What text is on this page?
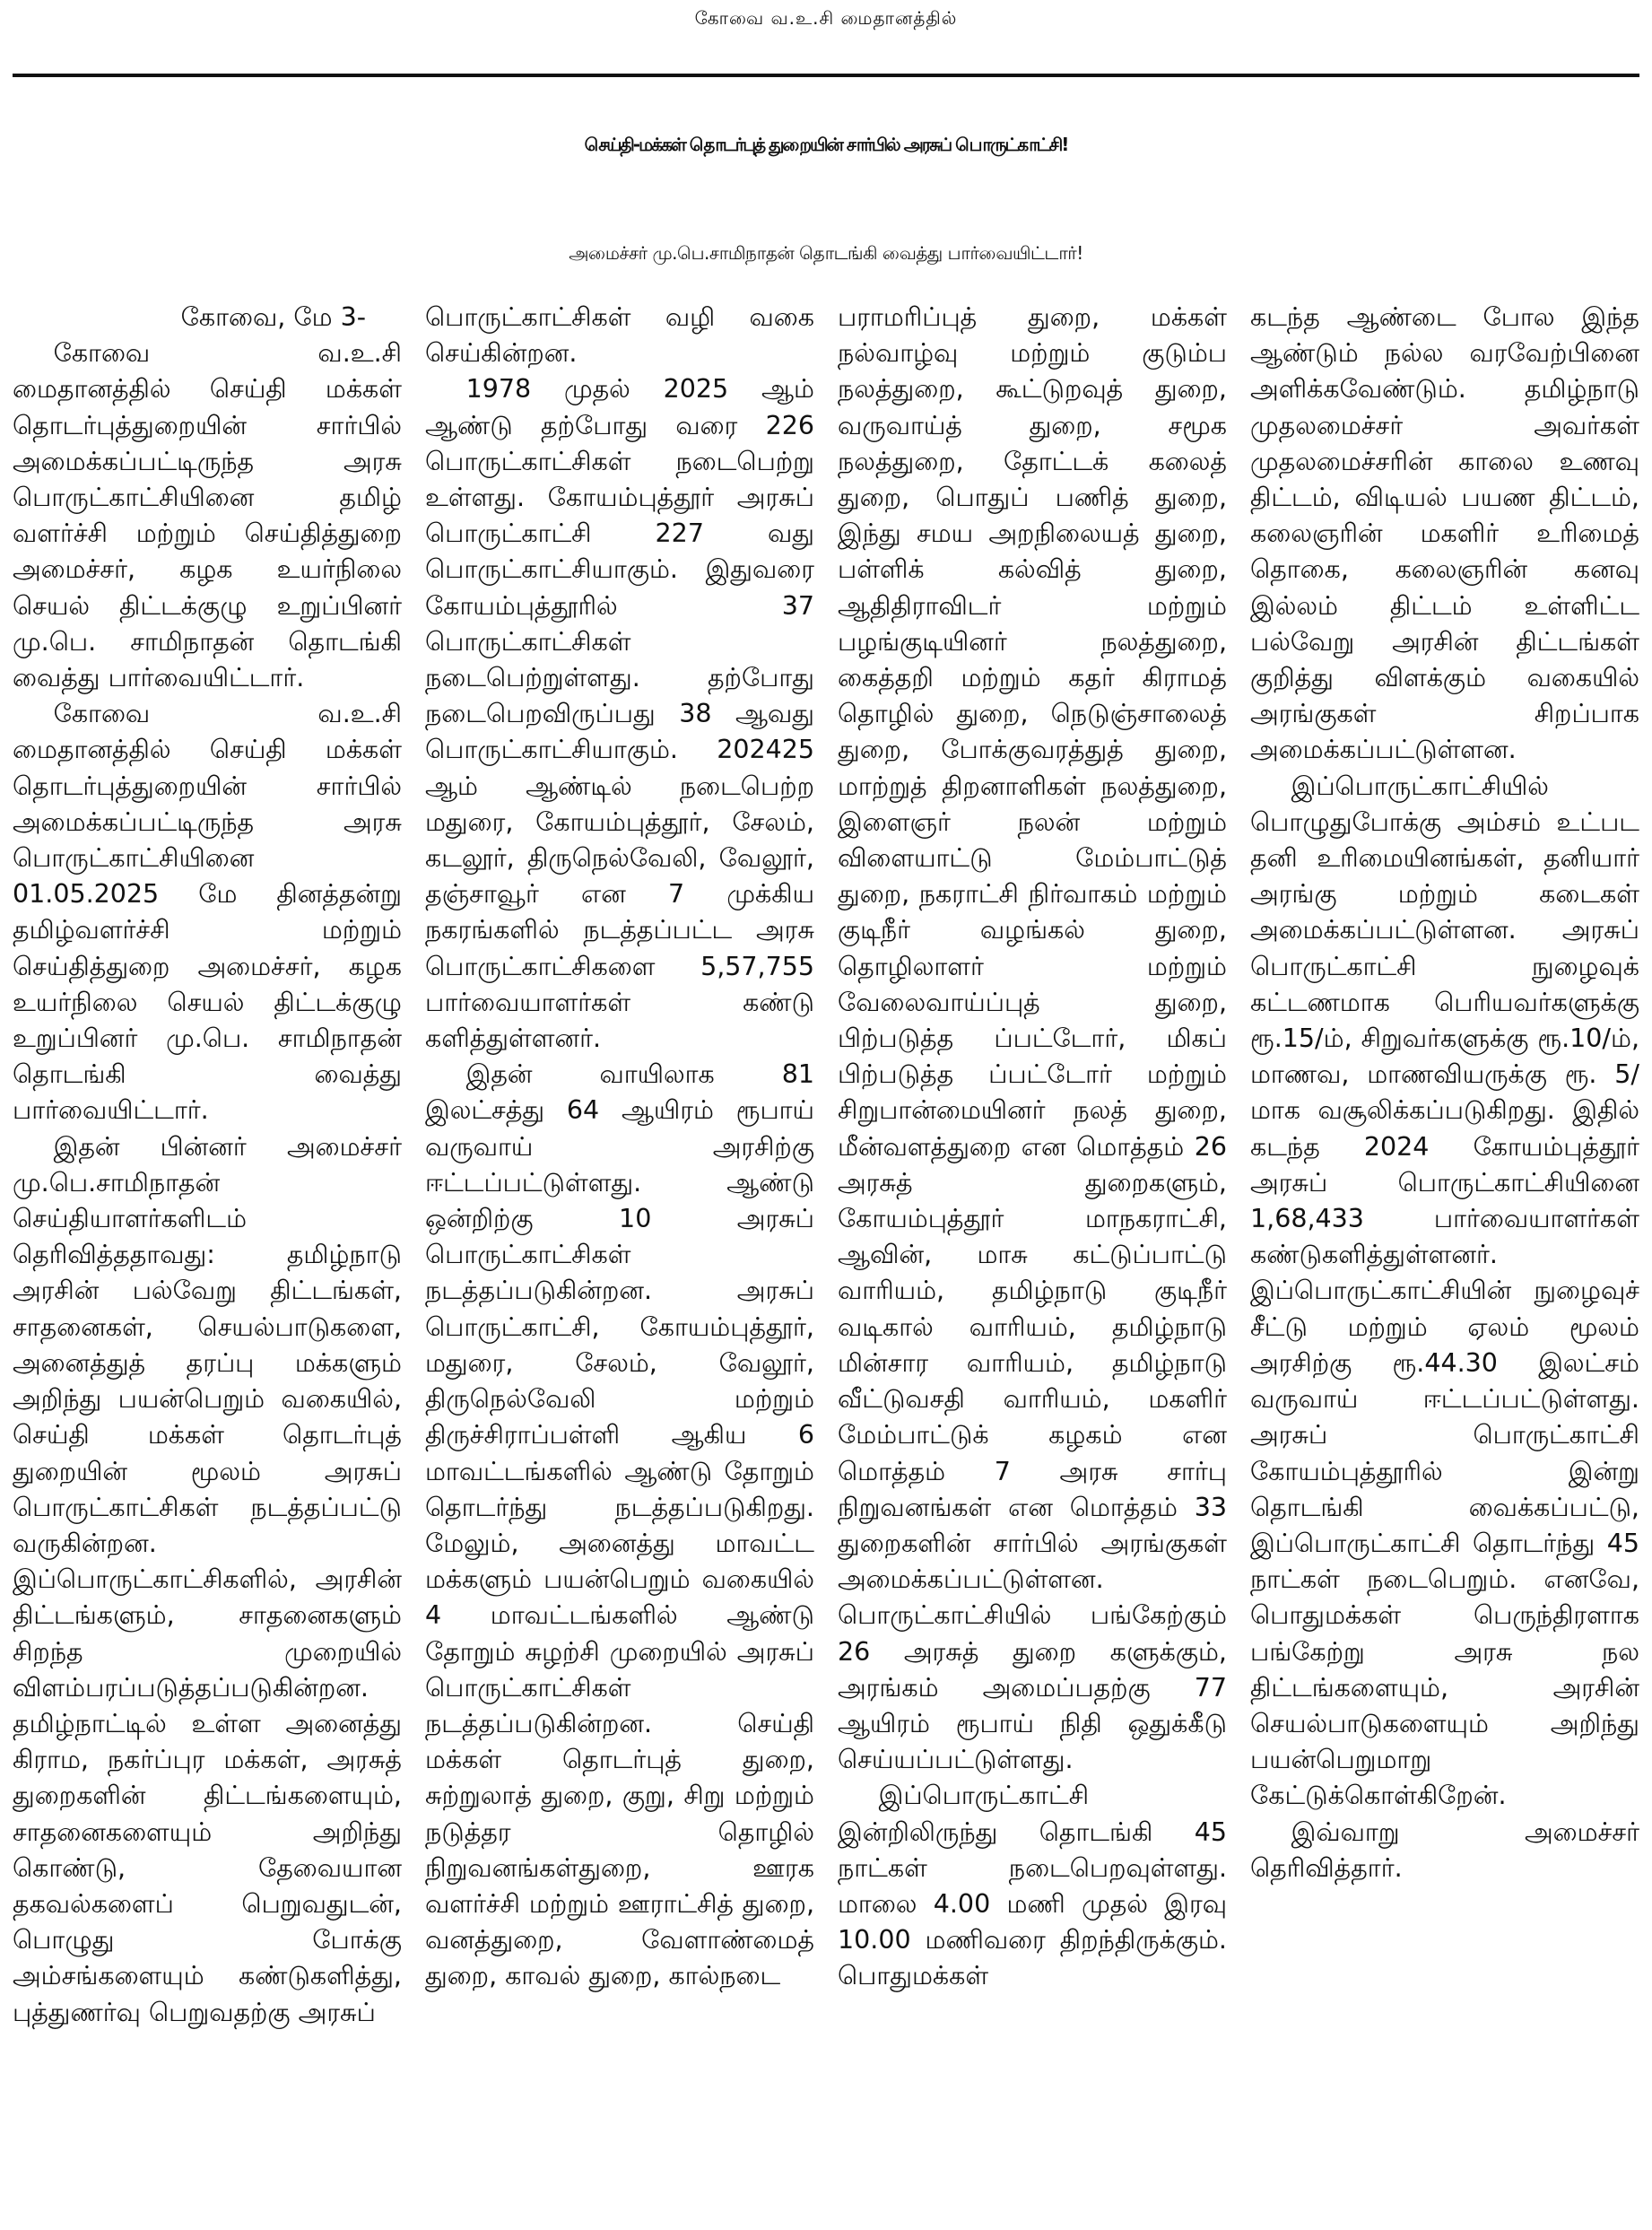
கோவை வ.உ.சி மைதானத்தில்
செய்தி-மக்கள் தொடர்புத் துறையின் சார்பில் அரசுப் பொருட்காட்சி!
அமைச்சர் மு.பெ.சாமிநாதன் தொடங்கி வைத்து பார்வையிட்டார்!
கோவை, மே 3-

கோவை வ.உ.சி மைதானத்தில் செய்தி மக்கள் தொடர்புத்துறையின் சார்பில் அமைக்கப்பட்டிருந்த அரசு பொருட்காட்சியினை தமிழ் வளர்ச்சி மற்றும் செய்தித்துறை அமைச்சர், கழக உயர்நிலை செயல் திட்டக்குழு உறுப்பினர் மு.பெ. சாமிநாதன் தொடங்கி வைத்து பார்வையிட்டார்.

கோவை வ.உ.சி மைதானத்தில் செய்தி மக்கள் தொடர்புத்துறையின் சார்பில் அமைக்கப்பட்டிருந்த அரசு பொருட்காட்சியினை 01.05.2025 மே தினத்தன்று தமிழ்வளர்ச்சி மற்றும் செய்தித்துறை அமைச்சர், கழக உயர்நிலை செயல் திட்டக்குழு உறுப்பினர் மு.பெ. சாமிநாதன் தொடங்கி வைத்து பார்வையிட்டார்.

இதன் பின்னர் அமைச்சர் மு.பெ.சாமிநாதன் செய்தியாளர்களிடம் தெரிவித்ததாவது: தமிழ்நாடு அரசின் பல்வேறு திட்டங்கள், சாதனைகள், செயல்பாடுகளை, அனைத்துத் தரப்பு மக்களும் அறிந்து பயன்பெறும் வகையில், செய்தி மக்கள் தொடர்புத் துறையின் மூலம் அரசுப் பொருட்காட்சிகள் நடத்தப்பட்டு வருகின்றன. இப்பொருட்காட்சிகளில், அரசின் திட்டங்களும், சாதனைகளும் சிறந்த முறையில் விளம்பரப்படுத்தப்படுகின்றன. தமிழ்நாட்டில் உள்ள அனைத்து கிராம, நகர்ப்புர மக்கள், அரசுத் துறைகளின் திட்டங்களையும், சாதனைகளையும் அறிந்து கொண்டு, தேவையான தகவல்களைப் பெறுவதுடன், பொழுது போக்கு அம்சங்களையும் கண்டுகளித்து, புத்துணர்வு பெறுவதற்கு அரசுப்

பொருட்காட்சிகள் வழி வகை செய்கின்றன.

1978 முதல் 2025 ஆம் ஆண்டு தற்போது வரை 226 பொருட்காட்சிகள் நடைபெற்று உள்ளது. கோயம்புத்தூர் அரசுப் பொருட்காட்சி 227 வது பொருட்காட்சியாகும். இதுவரை கோயம்புத்தூரில் 37 பொருட்காட்சிகள் நடைபெற்றுள்ளது. தற்போது நடைபெறவிருப்பது 38 ஆவது பொருட்காட்சியாகும். 202425 ஆம் ஆண்டில் நடைபெற்ற மதுரை, கோயம்புத்தூர், சேலம், கடலூர், திருநெல்வேலி, வேலூர், தஞ்சாவூர் என 7 முக்கிய நகரங்களில் நடத்தப்பட்ட அரசு பொருட்காட்சிகளை 5,57,755 பார்வையாளர்கள் கண்டு களித்துள்ளனர்.

இதன் வாயிலாக 81 இலட்சத்து 64 ஆயிரம் ரூபாய் வருவாய் அரசிற்கு ஈட்டப்பட்டுள்ளது. ஆண்டு ஒன்றிற்கு 10 அரசுப் பொருட்காட்சிகள் நடத்தப்படுகின்றன. அரசுப் பொருட்காட்சி, கோயம்புத்தூர், மதுரை, சேலம், வேலூர், திருநெல்வேலி மற்றும் திருச்சிராப்பள்ளி ஆகிய 6 மாவட்டங்களில் ஆண்டு தோறும் தொடர்ந்து நடத்தப்படுகிறது. மேலும், அனைத்து மாவட்ட மக்களும் பயன்பெறும் வகையில் 4 மாவட்டங்களில் ஆண்டு தோறும் சுழற்சி முறையில் அரசுப் பொருட்காட்சிகள் நடத்தப்படுகின்றன. செய்தி மக்கள் தொடர்புத் துறை, சுற்றுலாத் துறை, குறு, சிறு மற்றும் நடுத்தர தொழில் நிறுவனங்கள்துறை, ஊரக வளர்ச்சி மற்றும் ஊராட்சித் துறை, வனத்துறை, வேளாண்மைத் துறை, காவல் துறை, கால்நடை

பராமரிப்புத் துறை, மக்கள் நல்வாழ்வு மற்றும் குடும்ப நலத்துறை, கூட்டுறவுத் துறை, வருவாய்த் துறை, சமூக நலத்துறை, தோட்டக் கலைத் துறை, பொதுப் பணித் துறை, இந்து சமய அறநிலையத் துறை, பள்ளிக் கல்வித் துறை, ஆதிதிராவிடர் மற்றும் பழங்குடியினர் நலத்துறை, கைத்தறி மற்றும் கதர் கிராமத் தொழில் துறை, நெடுஞ்சாலைத் துறை, போக்குவரத்துத் துறை, மாற்றுத் திறனாளிகள் நலத்துறை, இளைஞர் நலன் மற்றும் விளையாட்டு மேம்பாட்டுத் துறை, நகராட்சி நிர்வாகம் மற்றும் குடிநீர் வழங்கல் துறை, தொழிலாளர் மற்றும் வேலைவாய்ப்புத் துறை, பிற்படுத்த ப்பட்டோர், மிகப் பிற்படுத்த ப்பட்டோர் மற்றும் சிறுபான்மையினர் நலத் துறை, மீன்வளத்துறை என மொத்தம் 26 அரசுத் துறைகளும், கோயம்புத்தூர் மாநகராட்சி, ஆவின், மாசு கட்டுப்பாட்டு வாரியம், தமிழ்நாடு குடிநீர் வடிகால் வாரியம், தமிழ்நாடு மின்சார வாரியம், தமிழ்நாடு வீட்டுவசதி வாரியம், மகளிர் மேம்பாட்டுக் கழகம் என மொத்தம் 7 அரசு சார்பு நிறுவனங்கள் என மொத்தம் 33 துறைகளின் சார்பில் அரங்குகள் அமைக்கப்பட்டுள்ளன. பொருட்காட்சியில் பங்கேற்கும் 26 அரசுத் துறை களுக்கும், அரங்கம் அமைப்பதற்கு 77 ஆயிரம் ரூபாய் நிதி ஒதுக்கீடு செய்யப்பட்டுள்ளது.

இப்பொருட்காட்சி இன்றிலிருந்து தொடங்கி 45 நாட்கள் நடைபெறவுள்ளது. மாலை 4.00 மணி முதல் இரவு 10.00 மணிவரை திறந்திருக்கும். பொதுமக்கள்

கடந்த ஆண்டை போல இந்த ஆண்டும் நல்ல வரவேற்பினை அளிக்கவேண்டும். தமிழ்நாடு முதலமைச்சர் அவர்கள் முதலமைச்சரின் காலை உணவு திட்டம், விடியல் பயண திட்டம், கலைஞரின் மகளிர் உரிமைத் தொகை, கலைஞரின் கனவு இல்லம் திட்டம் உள்ளிட்ட பல்வேறு அரசின் திட்டங்கள் குறித்து விளக்கும் வகையில் அரங்குகள் சிறப்பாக அமைக்கப்பட்டுள்ளன.

இப்பொருட்காட்சியில் பொழுதுபோக்கு அம்சம் உட்பட தனி உரிமையினங்கள், தனியார் அரங்கு மற்றும் கடைகள் அமைக்கப்பட்டுள்ளன. அரசுப் பொருட்காட்சி நுழைவுக் கட்டணமாக பெரியவர்களுக்கு ரூ.15/ம், சிறுவர்களுக்கு ரூ.10/ம், மாணவ, மாணவியருக்கு ரூ. 5/ மாக வசூலிக்கப்படுகிறது. இதில் கடந்த 2024 கோயம்புத்தூர் அரசுப் பொருட்காட்சியினை 1,68,433 பார்வையாளர்கள் கண்டுகளித்துள்ளனர். இப்பொருட்காட்சியின் நுழைவுச் சீட்டு மற்றும் ஏலம் மூலம் அரசிற்கு ரூ.44.30 இலட்சம் வருவாய் ஈட்டப்பட்டுள்ளது. அரசுப் பொருட்காட்சி கோயம்புத்தூரில் இன்று தொடங்கி வைக்கப்பட்டு, இப்பொருட்காட்சி தொடர்ந்து 45 நாட்கள் நடைபெறும். எனவே, பொதுமக்கள் பெருந்திரளாக பங்கேற்று அரசு நல திட்டங்களையும், அரசின் செயல்பாடுகளையும் அறிந்து பயன்பெறுமாறு கேட்டுக்கொள்கிறேன்.

இவ்வாறு அமைச்சர் தெரிவித்தார்.
